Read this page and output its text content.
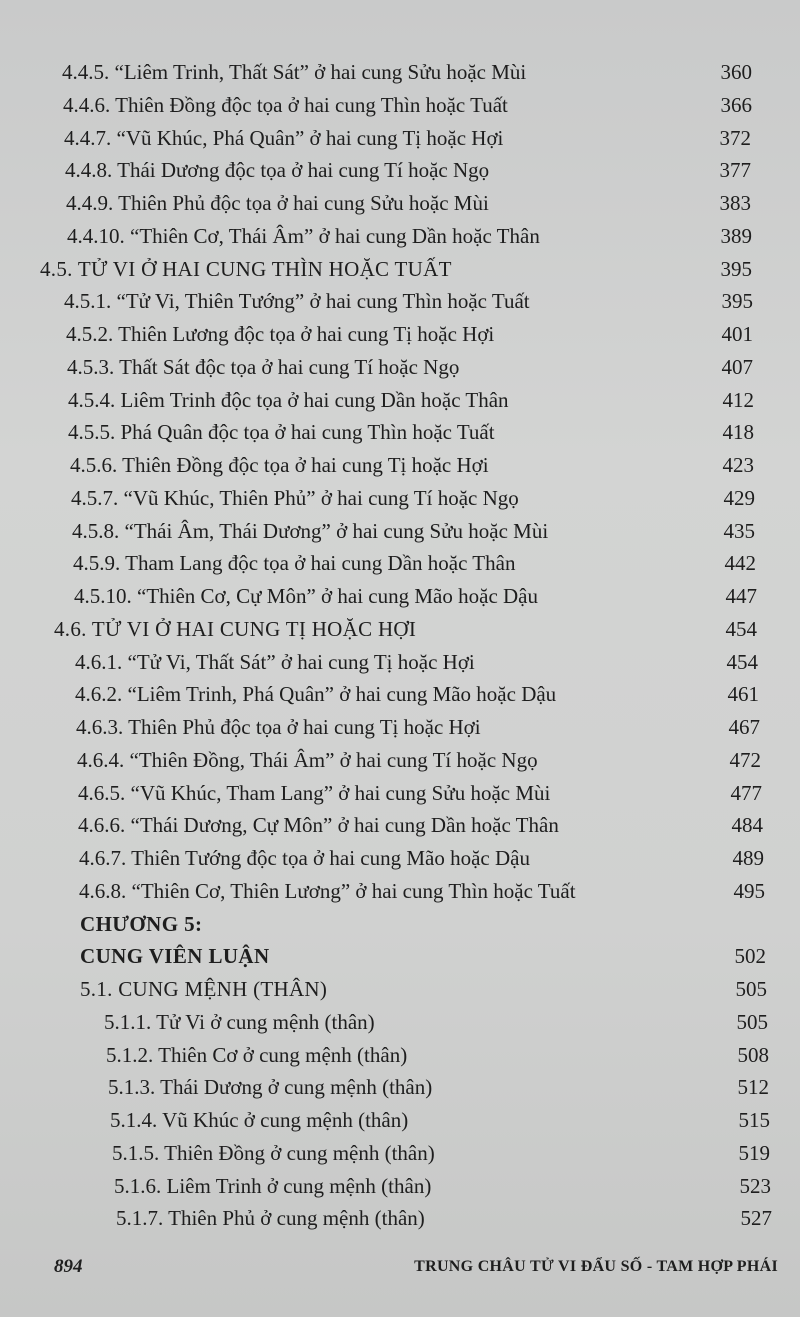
4.4.5. “Liêm Trinh, Thất Sát” ở hai cung Sửu hoặc Mùi	360
4.4.6. Thiên Đồng độc tọa ở hai cung Thìn hoặc Tuất	366
4.4.7. “Vũ Khúc, Phá Quân” ở hai cung Tị hoặc Hợi	372
4.4.8. Thái Dương độc tọa ở hai cung Tí hoặc Ngọ	377
4.4.9. Thiên Phủ độc tọa ở hai cung Sửu hoặc Mùi	383
4.4.10. “Thiên Cơ, Thái Âm” ở hai cung Dần hoặc Thân	389
4.5. TỬ VI Ở HAI CUNG THÌN HOẶC TUẤT	395
4.5.1. “Tử Vi, Thiên Tướng” ở hai cung Thìn hoặc Tuất	395
4.5.2. Thiên Lương độc tọa ở hai cung Tị hoặc Hợi	401
4.5.3. Thất Sát độc tọa ở hai cung Tí hoặc Ngọ	407
4.5.4. Liêm Trinh độc tọa ở hai cung Dần hoặc Thân	412
4.5.5. Phá Quân độc tọa ở hai cung Thìn hoặc Tuất	418
4.5.6. Thiên Đồng độc tọa ở hai cung Tị hoặc Hợi	423
4.5.7. “Vũ Khúc, Thiên Phủ” ở hai cung Tí hoặc Ngọ	429
4.5.8. “Thái Âm, Thái Dương” ở hai cung Sửu hoặc Mùi	435
4.5.9. Tham Lang độc tọa ở hai cung Dần hoặc Thân	442
4.5.10. “Thiên Cơ, Cự Môn” ở hai cung Mão hoặc Dậu	447
4.6. TỬ VI Ở HAI CUNG TỊ HOẶC HỢI	454
4.6.1. “Tử Vi, Thất Sát” ở hai cung Tị hoặc Hợi	454
4.6.2. “Liêm Trinh, Phá Quân” ở hai cung Mão hoặc Dậu	461
4.6.3. Thiên Phủ độc tọa ở hai cung Tị hoặc Hợi	467
4.6.4. “Thiên Đồng, Thái Âm” ở hai cung Tí hoặc Ngọ	472
4.6.5. “Vũ Khúc, Tham Lang” ở hai cung Sửu hoặc Mùi	477
4.6.6. “Thái Dương, Cự Môn” ở hai cung Dần hoặc Thân	484
4.6.7. Thiên Tướng độc tọa ở hai cung Mão hoặc Dậu	489
4.6.8. “Thiên Cơ, Thiên Lương” ở hai cung Thìn hoặc Tuất	495
CHƯƠNG 5:
CUNG VIÊN LUẬN	502
5.1. CUNG MỆNH (THÂN)	505
5.1.1. Tử Vi ở cung mệnh (thân)	505
5.1.2. Thiên Cơ ở cung mệnh (thân)	508
5.1.3. Thái Dương ở cung mệnh (thân)	512
5.1.4. Vũ Khúc ở cung mệnh (thân)	515
5.1.5. Thiên Đồng ở cung mệnh (thân)	519
5.1.6. Liêm Trinh ở cung mệnh (thân)	523
5.1.7. Thiên Phủ ở cung mệnh (thân)	527
894	TRUNG CHÂU TỬ VI ĐẨU SỐ - TAM HỢP PHÁI
